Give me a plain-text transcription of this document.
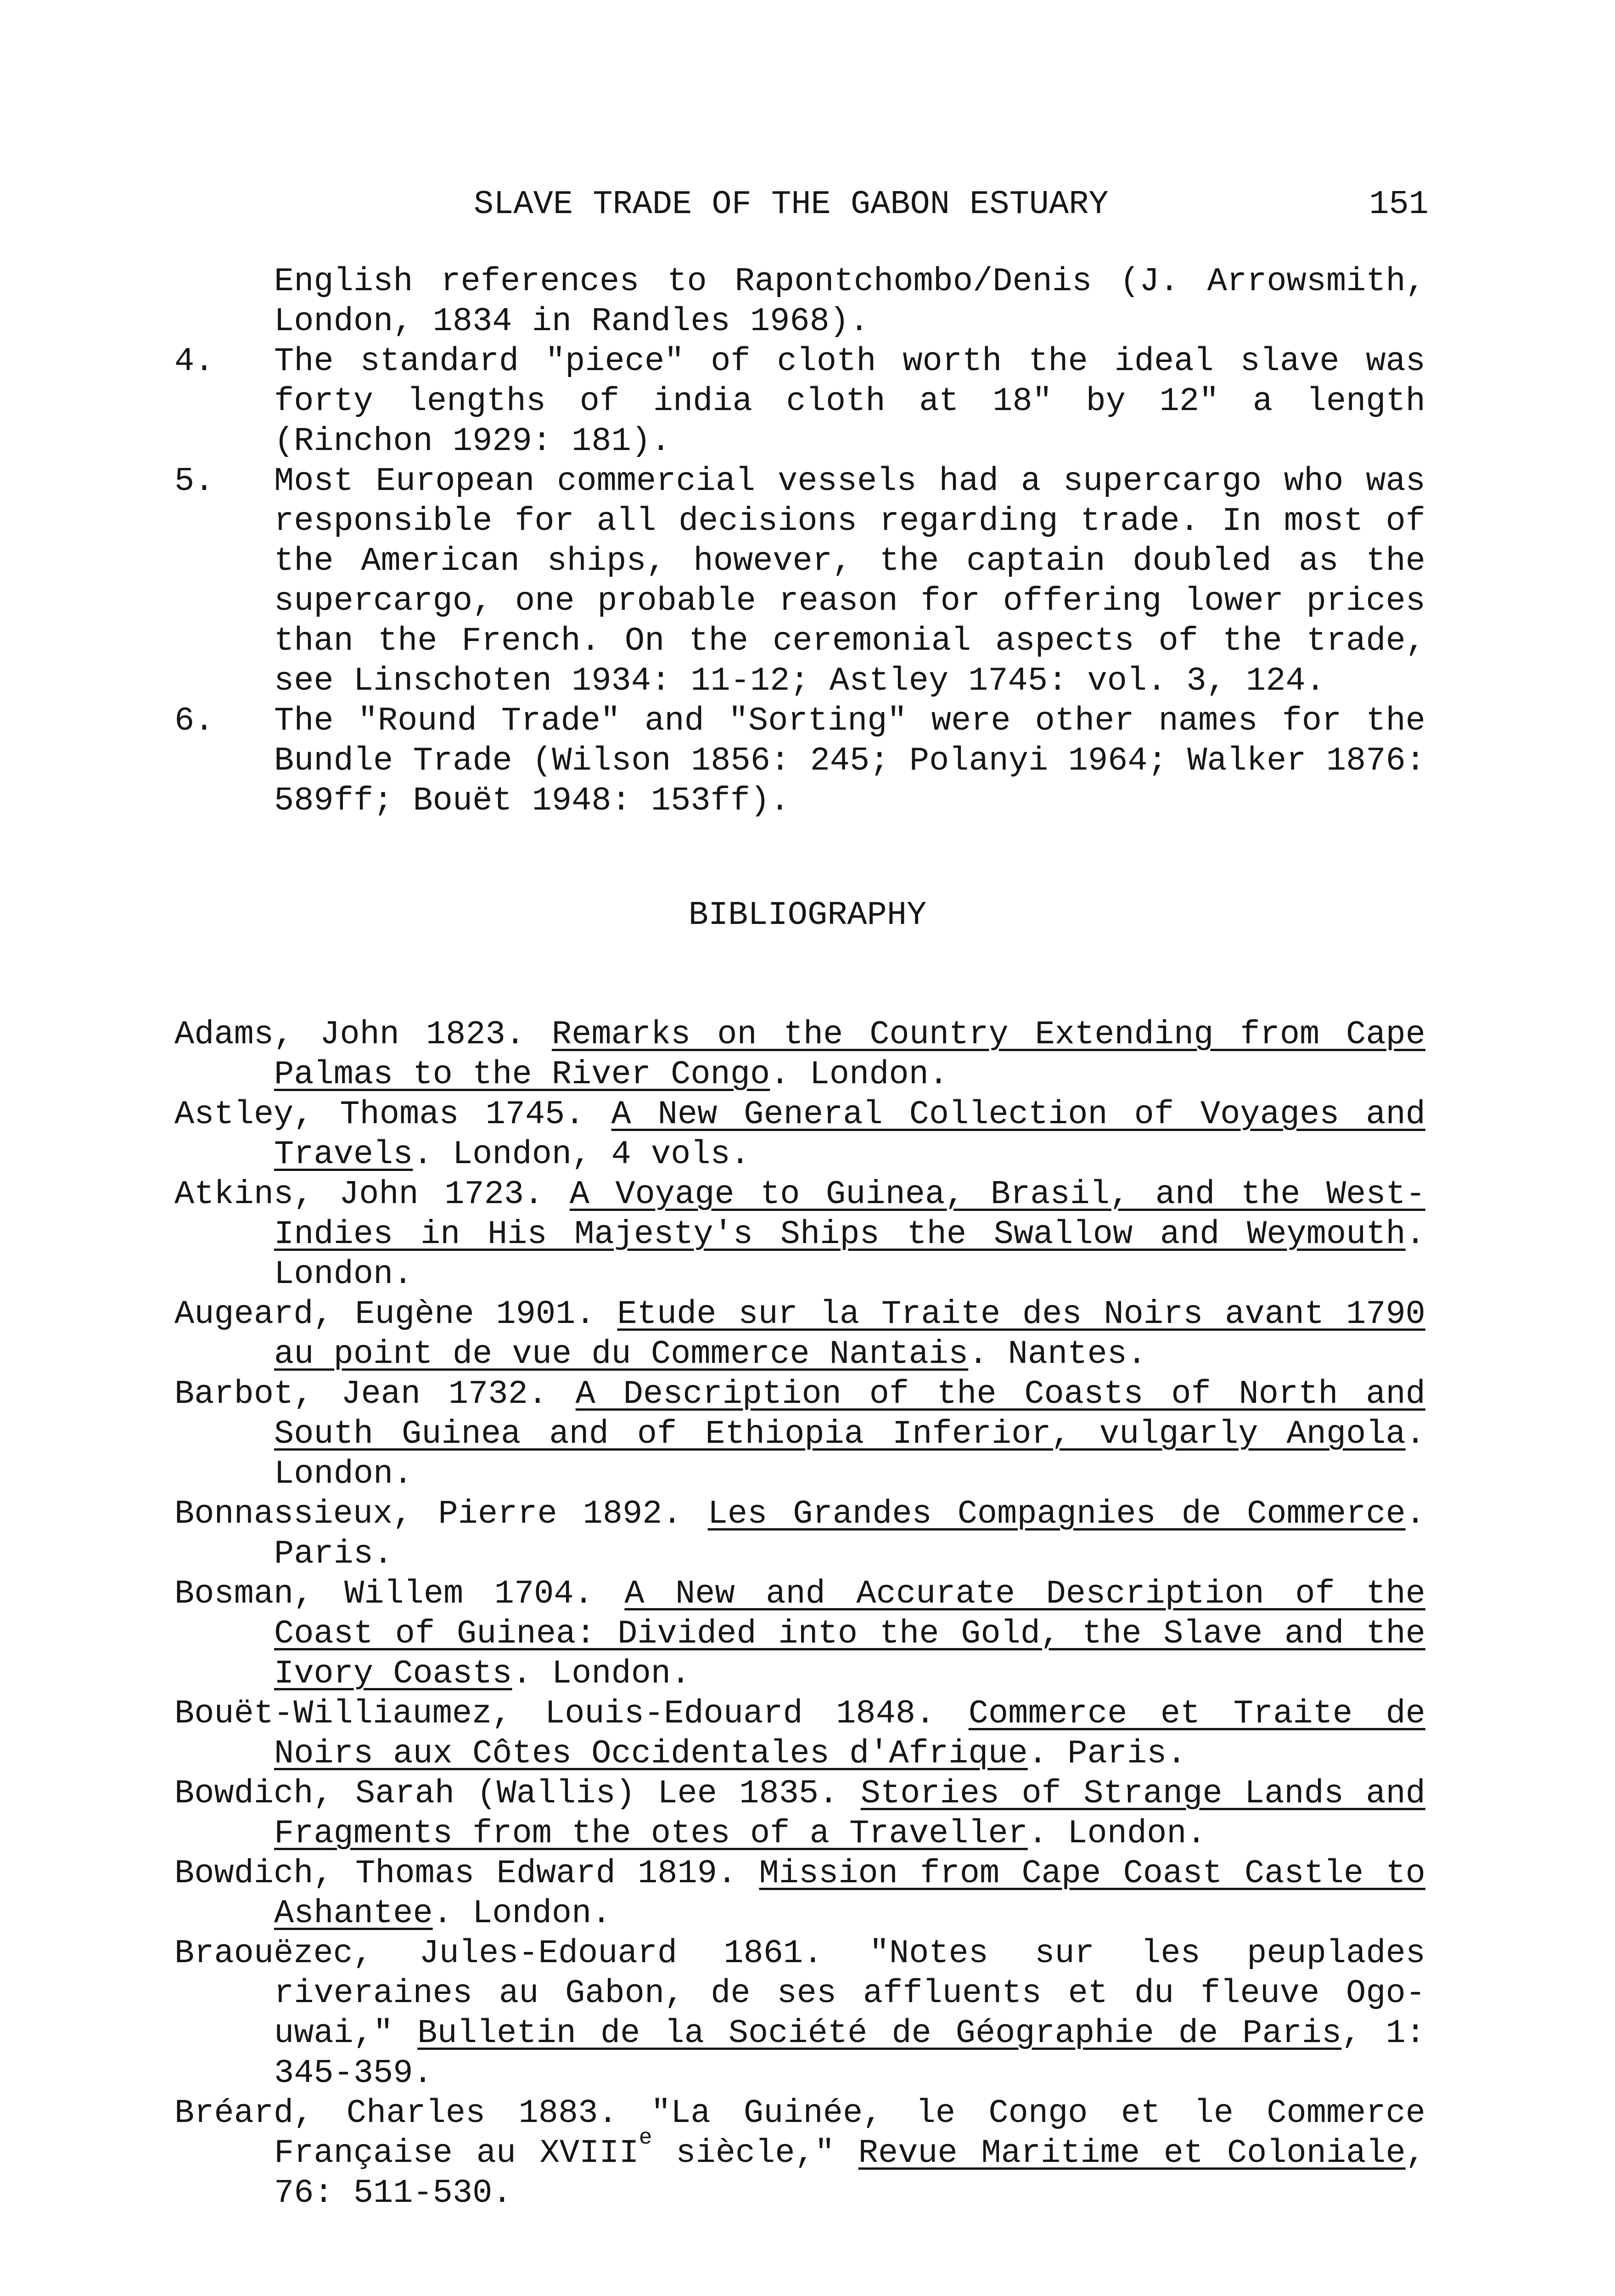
SLAVE TRADE OF THE GABON ESTUARY	151
English references to Rapontchombo/Denis (J. Arrowsmith, London, 1834 in Randles 1968).
4. The standard "piece" of cloth worth the ideal slave was forty lengths of india cloth at 18" by 12" a length (Rinchon 1929: 181).
5. Most European commercial vessels had a supercargo who was responsible for all decisions regarding trade. In most of the American ships, however, the captain doubled as the supercargo, one probable reason for offering lower prices than the French. On the ceremonial aspects of the trade, see Linschoten 1934: 11-12; Astley 1745: vol. 3, 124.
6. The "Round Trade" and "Sorting" were other names for the Bundle Trade (Wilson 1856: 245; Polanyi 1964; Walker 1876: 589ff; Bouët 1948: 153ff).
BIBLIOGRAPHY
Adams, John 1823. Remarks on the Country Extending from Cape Palmas to the River Congo. London.
Astley, Thomas 1745. A New General Collection of Voyages and Travels. London, 4 vols.
Atkins, John 1723. A Voyage to Guinea, Brasil, and the West-Indies in His Majesty's Ships the Swallow and Weymouth. London.
Augeard, Eugène 1901. Etude sur la Traite des Noirs avant 1790 au point de vue du Commerce Nantais. Nantes.
Barbot, Jean 1732. A Description of the Coasts of North and South Guinea and of Ethiopia Inferior, vulgarly Angola. London.
Bonnassieux, Pierre 1892. Les Grandes Compagnies de Commerce. Paris.
Bosman, Willem 1704. A New and Accurate Description of the Coast of Guinea: Divided into the Gold, the Slave and the Ivory Coasts. London.
Bouët-Williaumez, Louis-Edouard 1848. Commerce et Traite de Noirs aux Côtes Occidentales d'Afrique. Paris.
Bowdich, Sarah (Wallis) Lee 1835. Stories of Strange Lands and Fragments from the otes of a Traveller. London.
Bowdich, Thomas Edward 1819. Mission from Cape Coast Castle to Ashantee. London.
Braouëzec, Jules-Edouard 1861. "Notes sur les peuplades riveraines au Gabon, de ses affluents et du fleuve Ogo-uwai," Bulletin de la Société de Géographie de Paris, 1: 345-359.
Bréard, Charles 1883. "La Guinée, le Congo et le Commerce Française au XVIIIe siècle," Revue Maritime et Coloniale, 76: 511-530.
